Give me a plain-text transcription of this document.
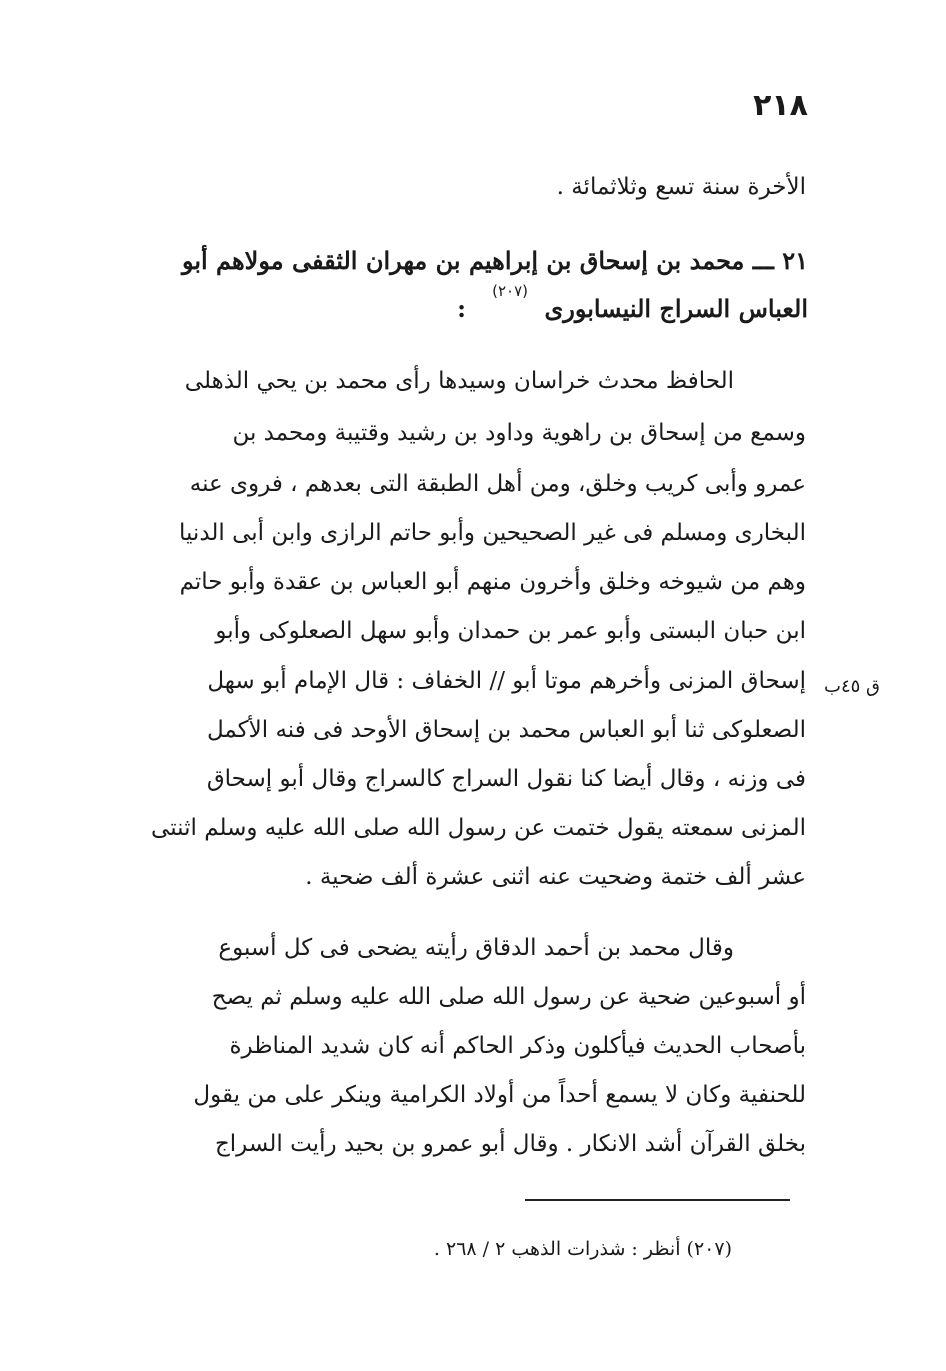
٢١٨
الأخرة سنة تسع وثلاثمائة .
٢١ ـــ محمد بن إسحاق بن إبراهيم بن مهران الثقفى مولاهم أبو
(٢٠٧)
العباس السراج النيسابورى
:
الحافظ محدث خراسان وسيدها رأى محمد بن يحي الذهلى
وسمع من إسحاق بن راهوية وداود بن رشيد وقتيبة ومحمد بن
عمرو وأبى كريب وخلق، ومن أهل الطبقة التى بعدهم ، فروى عنه
البخارى ومسلم فى غير الصحيحين وأبو حاتم الرازى وابن أبى الدنيا
وهم من شيوخه وخلق وأخرون منهم أبو العباس بن عقدة وأبو حاتم
ابن حبان البستى وأبو عمر بن حمدان وأبو سهل الصعلوكى وأبو
إسحاق المزنى وأخرهم موتا أبو // الخفاف : قال الإمام أبو سهل
الصعلوكى ثنا أبو العباس محمد بن إسحاق الأوحد فى فنه الأكمل
فى وزنه ، وقال أيضا كنا نقول السراج كالسراج وقال أبو إسحاق
المزنى سمعته يقول ختمت عن رسول الله صلى الله عليه وسلم اثنتى
عشر ألف ختمة وضحيت عنه اثنى عشرة ألف ضحية .
ق ٤٥ب
وقال محمد بن أحمد الدقاق رأيته يضحى فى كل أسبوع
أو أسبوعين ضحية عن رسول الله صلى الله عليه وسلم ثم يصح
بأصحاب الحديث فيأكلون وذكر الحاكم أنه كان شديد المناظرة
للحنفية وكان لا يسمع أحداً من أولاد الكرامية وينكر على من يقول
بخلق القرآن أشد الانكار . وقال أبو عمرو بن بحيد رأيت السراج
(٢٠٧) أنظر : شذرات الذهب ٢ / ٢٦٨ .
